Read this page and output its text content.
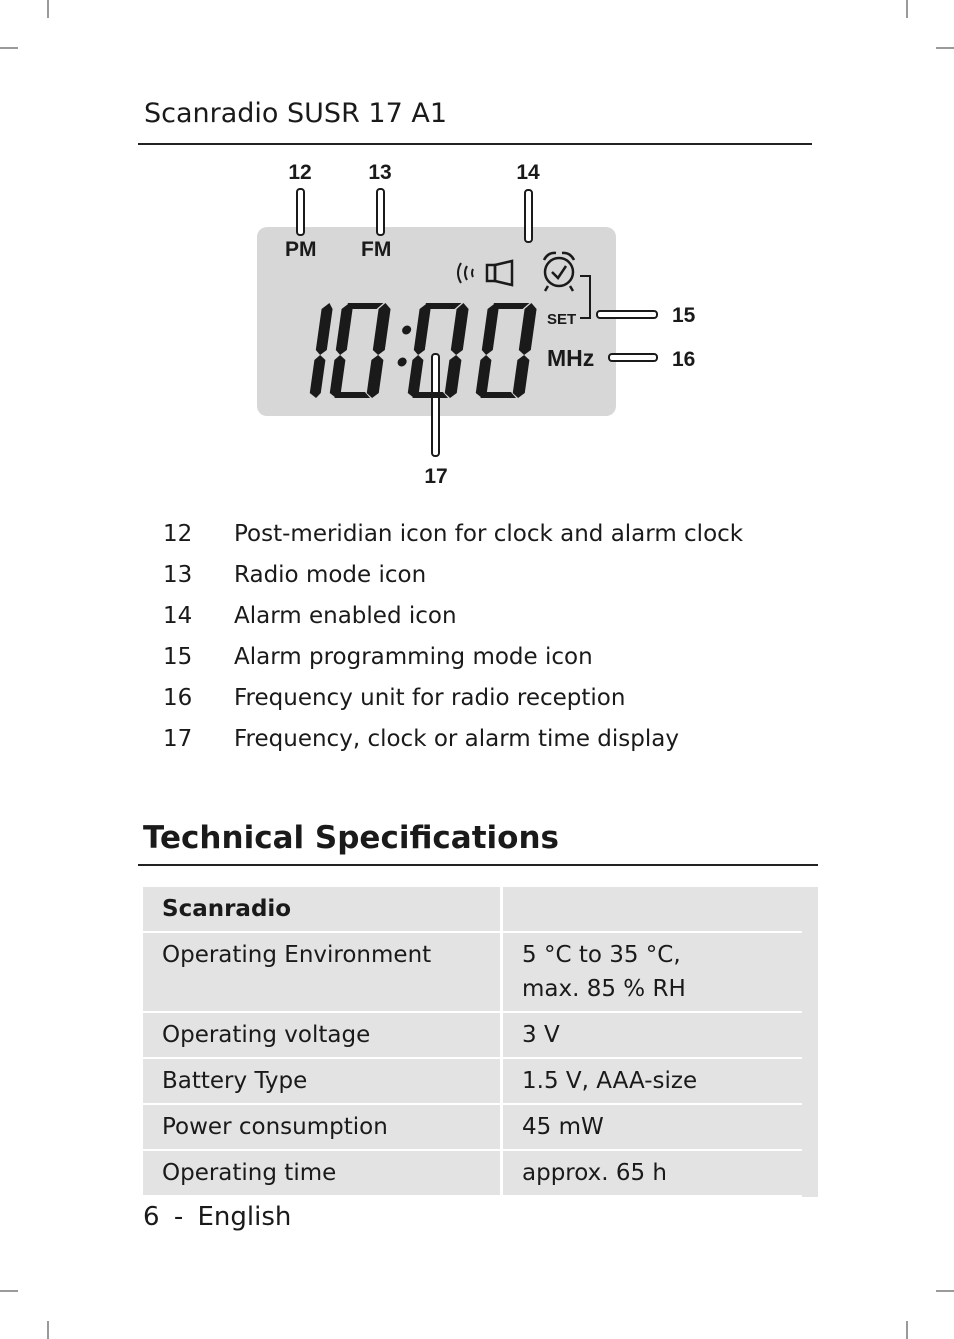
Scanradio SUSR 17 A1
12	13	14
15
16
17
PM FM
SET
MHz
12	Post-meridian icon for clock and alarm clock
13	Radio mode icon
14	Alarm enabled icon
15	Alarm programming mode icon
16	Frequency unit for radio reception
17	Frequency, clock or alarm time display
Technical Specifications
Scanradio	
Operating Environment	5 °C to 35 °C,
max. 85 % RH

Operating voltage	3 V
Battery Type	1.5 V, AAA-size
Power consumption	45 mW
Operating time	approx. 65 h
6 - English
